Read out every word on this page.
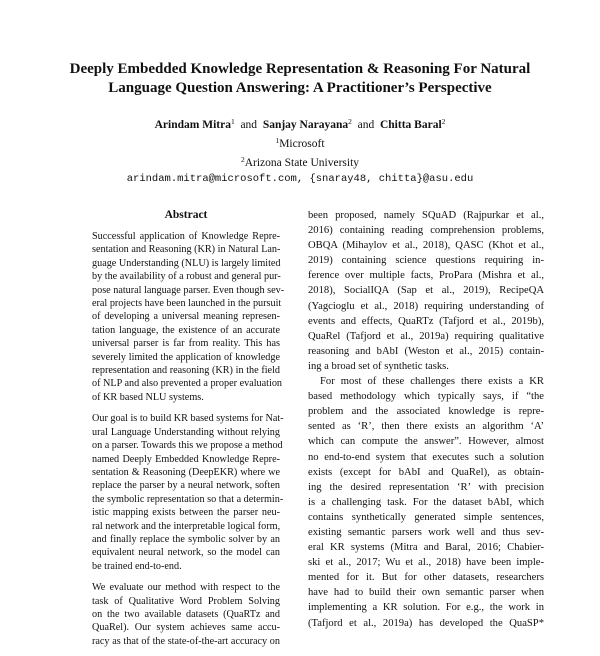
Deeply Embedded Knowledge Representation & Reasoning For Natural
Language Question Answering: A Practitioner’s Perspective
Arindam Mitra$^1$ and Sanjay Narayana$^2$ and Chitta Baral$^2$
$^1$Microsoft
$^2$Arizona State University
arindam.mitra@microsoft.com, {snaray48, chitta}@asu.edu
Abstract
Successful application of Knowledge Repre-
sentation and Reasoning (KR) in Natural Lan-
guage Understanding (NLU) is largely limited
by the availability of a robust and general pur-
pose natural language parser. Even though sev-
eral projects have been launched in the pursuit
of developing a universal meaning represen-
tation language, the existence of an accurate
universal parser is far from reality. This has
severely limited the application of knowledge
representation and reasoning (KR) in the field
of NLP and also prevented a proper evaluation
of KR based NLU systems.
Our goal is to build KR based systems for Nat-
ural Language Understanding without relying
on a parser. Towards this we propose a method
named Deeply Embedded Knowledge Repre-
sentation & Reasoning (DeepEKR) where we
replace the parser by a neural network, soften
the symbolic representation so that a determin-
istic mapping exists between the parser neu-
ral network and the interpretable logical form,
and finally replace the symbolic solver by an
equivalent neural network, so the model can
be trained end-to-end.
We evaluate our method with respect to the
task of Qualitative Word Problem Solving
on the two available datasets (QuaRTz and
QuaRel). Our system achieves same accu-
racy as that of the state-of-the-art accuracy on
been proposed, namely SQuAD (Rajpurkar et al.,
2016) containing reading comprehension problems,
OBQA (Mihaylov et al., 2018), QASC (Khot et al.,
2019) containing science questions requiring in-
ference over multiple facts, ProPara (Mishra et al.,
2018), SocialIQA (Sap et al., 2019), RecipeQA
(Yagcioglu et al., 2018) requiring understanding of
events and effects, QuaRTz (Tafjord et al., 2019b),
QuaRel (Tafjord et al., 2019a) requiring qualitative
reasoning and bAbI (Weston et al., 2015) contain-
ing a broad set of synthetic tasks.
For most of these challenges there exists a KR
based methodology which typically says, if “the
problem and the associated knowledge is repre-
sented as ‘R’, then there exists an algorithm ‘A’
which can compute the answer”. However, almost
no end-to-end system that executes such a solution
exists (except for bAbI and QuaRel), as obtain-
ing the desired representation ‘R’ with precision
is a challenging task. For the dataset bAbI, which
contains synthetically generated simple sentences,
existing semantic parsers work well and thus sev-
eral KR systems (Mitra and Baral, 2016; Chabier-
ski et al., 2017; Wu et al., 2018) have been imple-
mented for it. But for other datasets, researchers
have had to build their own semantic parser when
implementing a KR solution. For e.g., the work in
(Tafjord et al., 2019a) has developed the QuaSP*
